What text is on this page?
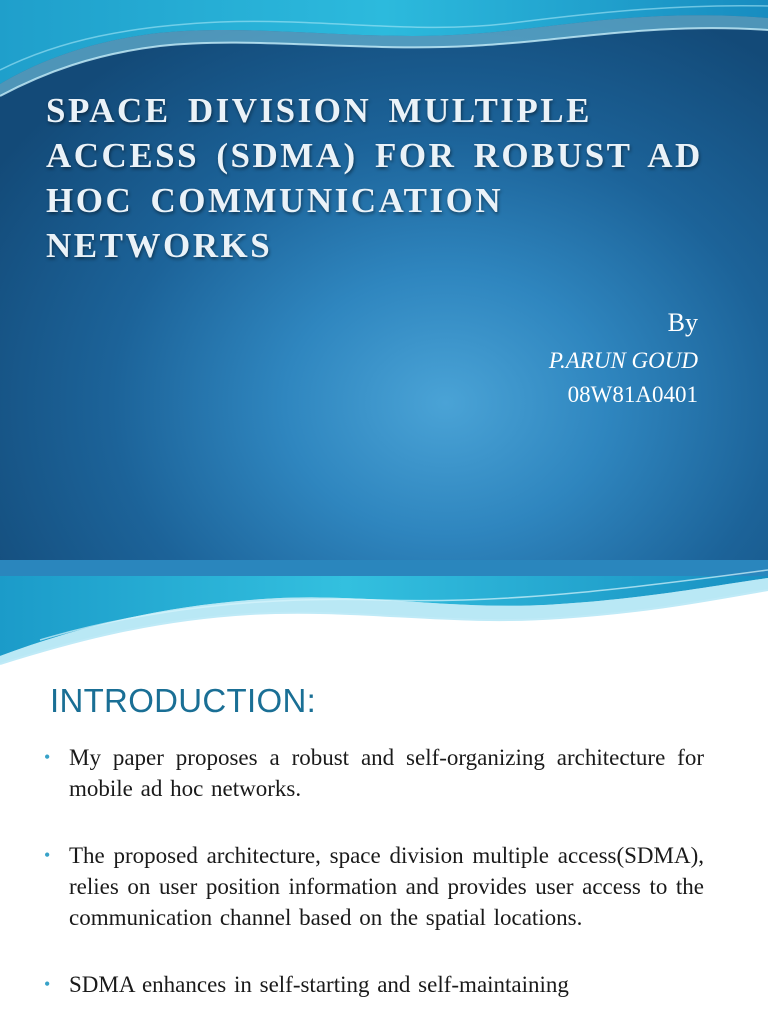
SPACE DIVISION MULTIPLE ACCESS (SDMA) FOR ROBUST AD HOC COMMUNICATION NETWORKS
By
P.ARUN GOUD
08W81A0401
INTRODUCTION:
• My paper proposes a robust and self-organizing architecture for mobile ad hoc networks.
• The proposed architecture, space division multiple access(SDMA), relies on user position information and provides user access to the communication channel based on the spatial locations.
• SDMA enhances in self-starting and self-maintaining
